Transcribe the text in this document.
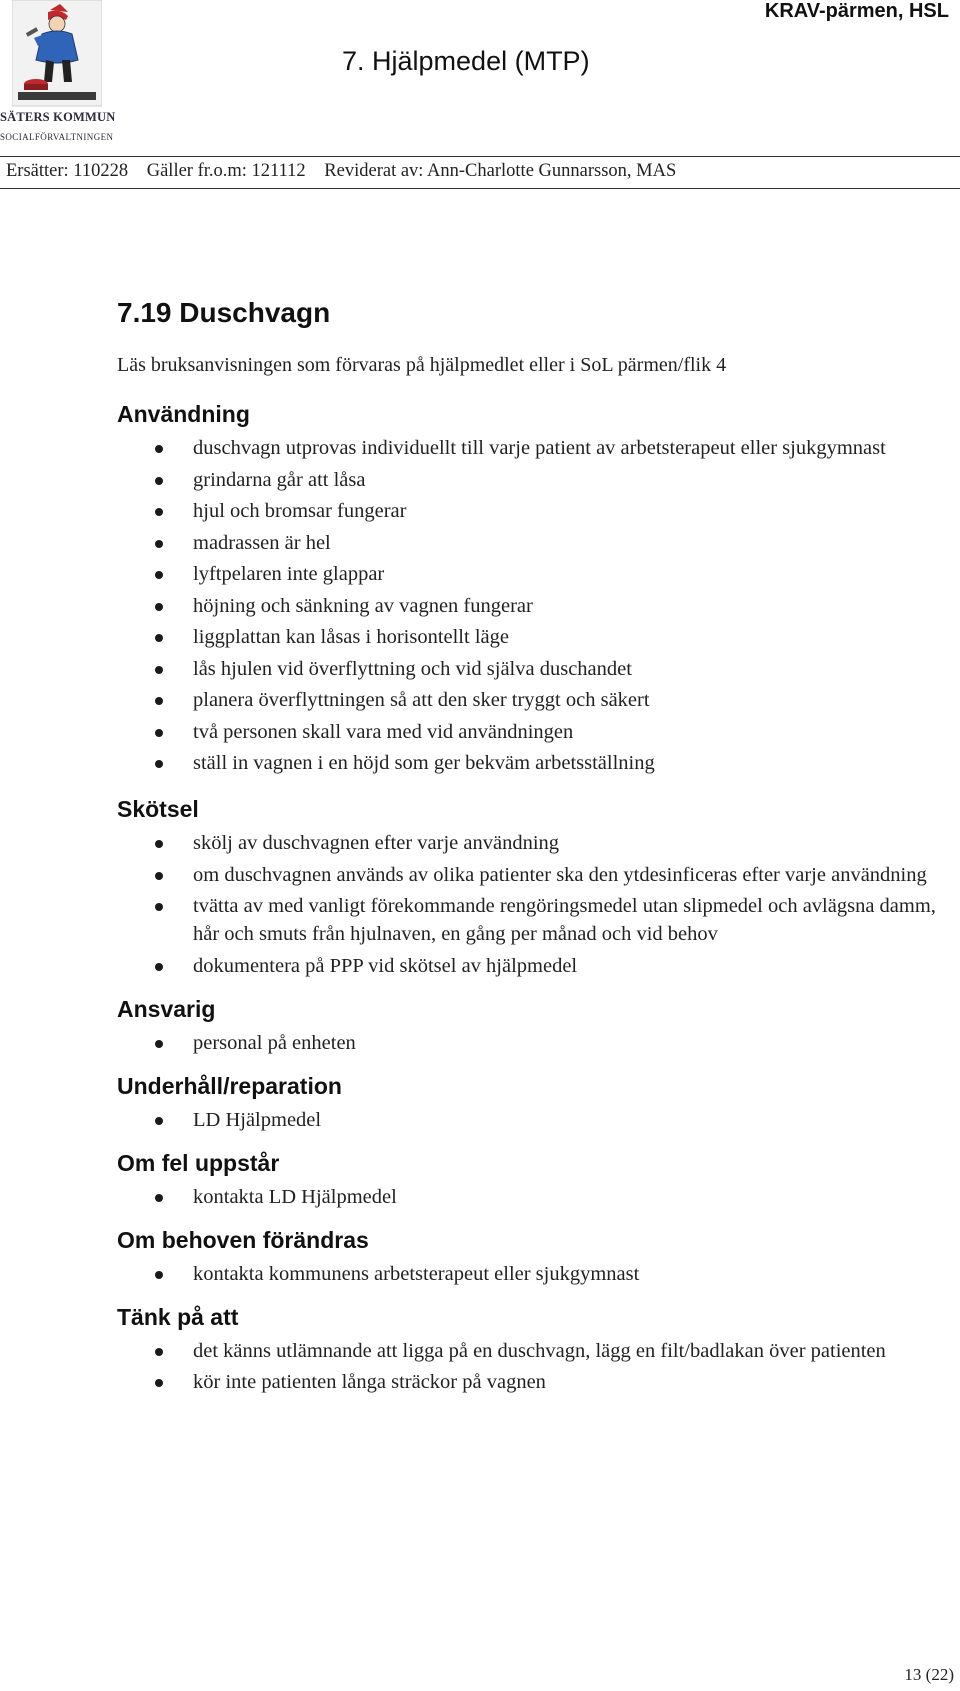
SÄTERS KOMMUN
SOCIALFÖRVALTNINGEN
KRAV-pärmen, HSL
7. Hjälpmedel (MTP)
Ersätter: 110228 Gäller fr.o.m: 121112 Reviderat av: Ann-Charlotte Gunnarsson, MAS
7.19 Duschvagn

Läs bruksanvisningen som förvaras på hjälpmedlet eller i SoL pärmen/flik 4

Användning
duschvagn utprovas individuellt till varje patient av arbetsterapeut eller sjukgymnast
grindarna går att låsa
hjul och bromsar fungerar
madrassen är hel
lyftpelaren inte glappar
höjning och sänkning av vagnen fungerar
liggplattan kan låsas i horisontellt läge
lås hjulen vid överflyttning och vid själva duschandet
planera överflyttningen så att den sker tryggt och säkert
två personen skall vara med vid användningen
ställ in vagnen i en höjd som ger bekväm arbetsställning
Skötsel
skölj av duschvagnen efter varje användning
om duschvagnen används av olika patienter ska den ytdesinficeras efter varje användning
tvätta av med vanligt förekommande rengöringsmedel utan slipmedel och avlägsna damm, hår och smuts från hjulnaven, en gång per månad och vid behov
dokumentera på PPP vid skötsel av hjälpmedel
Ansvarig
personal på enheten
Underhåll/reparation
LD Hjälpmedel
Om fel uppstår
kontakta LD Hjälpmedel
Om behoven förändras
kontakta kommunens arbetsterapeut eller sjukgymnast
Tänk på att
det känns utlämnande att ligga på en duschvagn, lägg en filt/badlakan över patienten
kör inte patienten långa sträckor på vagnen
13 (22)
